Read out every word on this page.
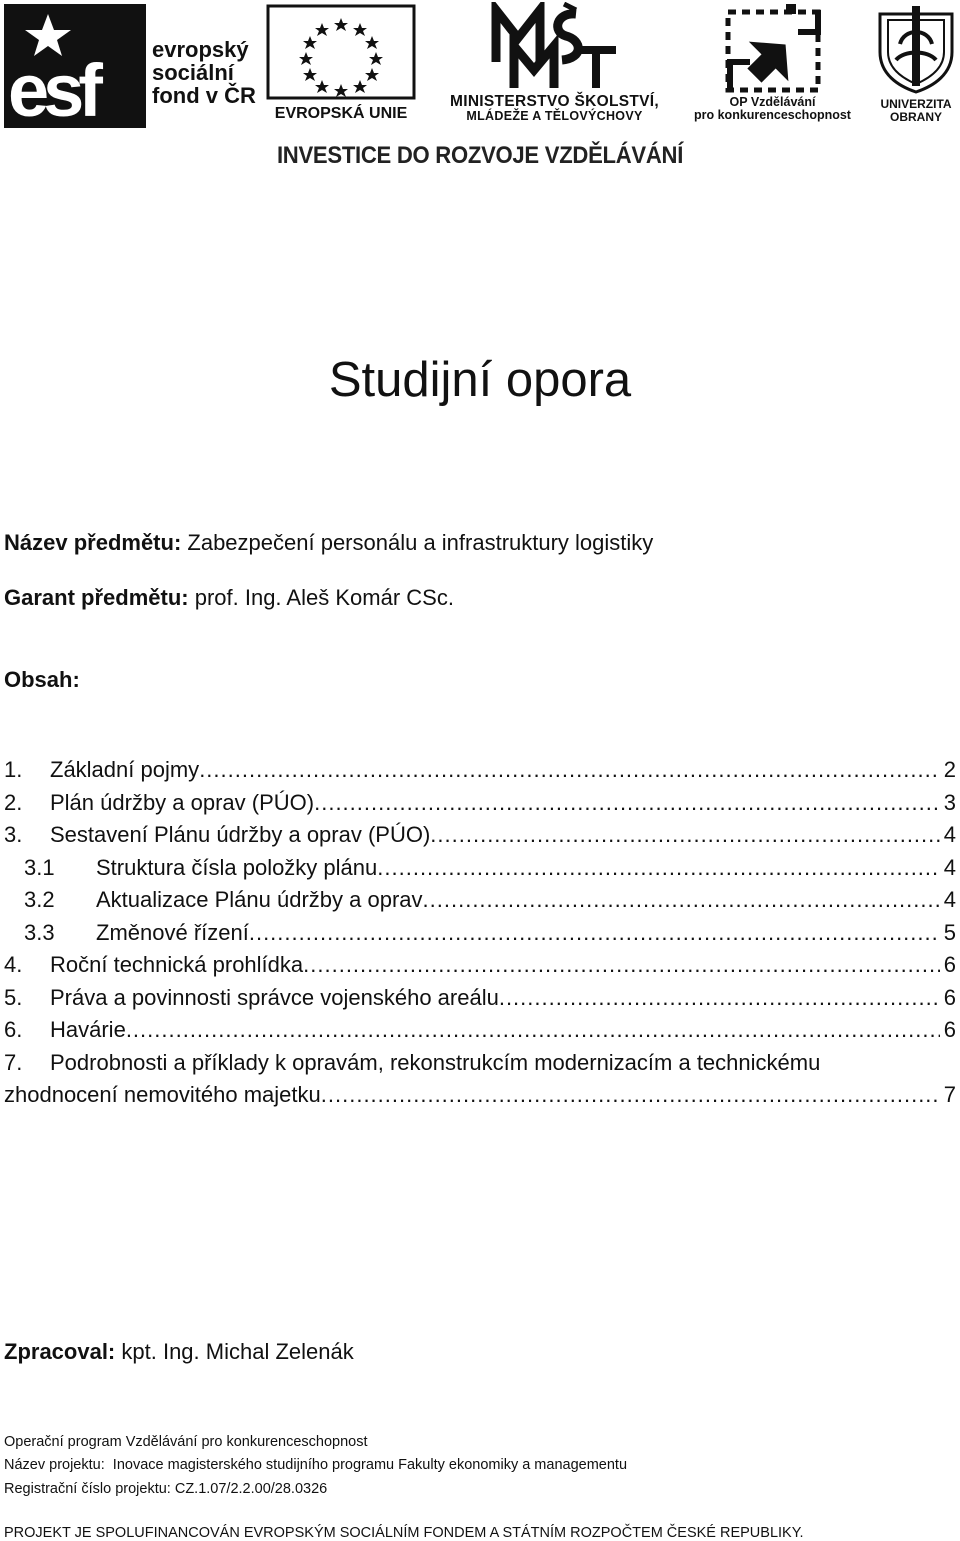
esf	evropský
sociální
fond v ČR
EVROPSKÁ UNIE
MINISTERSTVO ŠKOLSTVÍ,
MLÁDEŽE A TĚLOVÝCHOVY
OP Vzdělávání
pro konkurenceschopnost
UNIVERZITA
OBRANY
INVESTICE DO ROZVOJE VZDĚLÁVÁNÍ
Studijní opora
Název předmětu: Zabezpečení personálu a infrastruktury logistiky
Garant předmětu: prof. Ing. Aleš Komár CSc.
Obsah:
1.	Základní pojmy .....	2
2.	Plán údržby a oprav (PÚO) .....	3
3.	Sestavení Plánu údržby a oprav (PÚO) .....	4
3.1	Struktura čísla položky plánu .....	4
3.2	Aktualizace Plánu údržby a oprav .....	4
3.3	Změnové řízení .....	5
4.	Roční technická prohlídka .....	6
5.	Práva a povinnosti správce vojenského areálu .....	6
6.	Havárie .....	6
7.	Podrobnosti a příklady k opravám, rekonstrukcím modernizacím a technickému
zhodnocení nemovitého majetku .....	7
Zpracoval: kpt. Ing. Michal Zelenák
Operační program Vzdělávání pro konkurenceschopnost
Název projektu:  Inovace magisterského studijního programu Fakulty ekonomiky a managementu
Registrační číslo projektu: CZ.1.07/2.2.00/28.0326
PROJEKT JE SPOLUFINANCOVÁN EVROPSKÝM SOCIÁLNÍM FONDEM A STÁTNÍM ROZPOČTEM ČESKÉ REPUBLIKY.
